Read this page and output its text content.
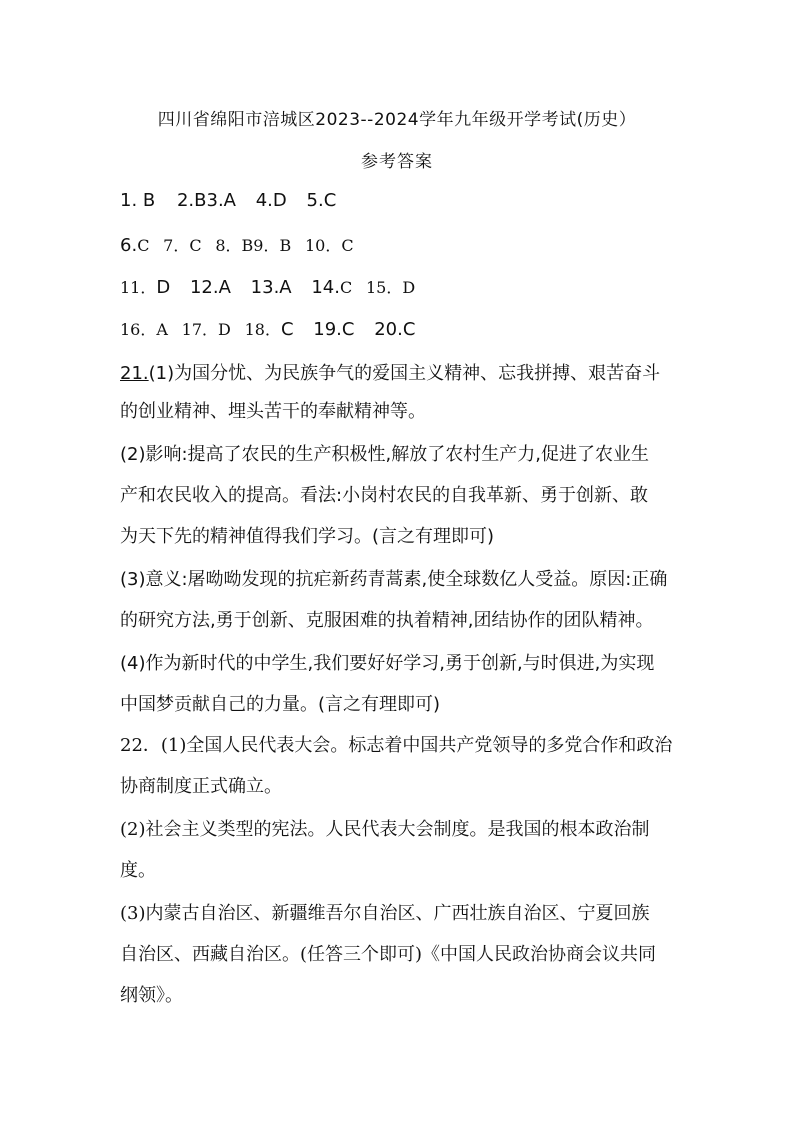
四川省绵阳市涪城区2023--2024学年九年级开学考试(历史）
参考答案
1. B 2.B3.A 4.D 5.C
6.C 7．C 8．B9．B 10．C
11．D 12.A 13.A 14.C 15．D
16．A 17．D 18．C 19.C 20.C
21.(1)为国分忧、为民族争气的爱国主义精神、忘我拼搏、艰苦奋斗
的创业精神、埋头苦干的奉献精神等。
(2)影响:提高了农民的生产积极性,解放了农村生产力,促进了农业生
产和农民收入的提高。看法:小岗村农民的自我革新、勇于创新、敢
为天下先的精神值得我们学习。(言之有理即可)
(3)意义:屠呦呦发现的抗疟新药青蒿素,使全球数亿人受益。原因:正确
的研究方法,勇于创新、克服困难的执着精神,团结协作的团队精神。
(4)作为新时代的中学生,我们要好好学习,勇于创新,与时俱进,为实现
中国梦贡献自己的力量。(言之有理即可)
22．(1)全国人民代表大会。标志着中国共产党领导的多党合作和政治
协商制度正式确立。
(2)社会主义类型的宪法。人民代表大会制度。是我国的根本政治制
度。
(3)内蒙古自治区、新疆维吾尔自治区、广西壮族自治区、宁夏回族
自治区、西藏自治区。(任答三个即可)《中国人民政治协商会议共同
纲领》。
